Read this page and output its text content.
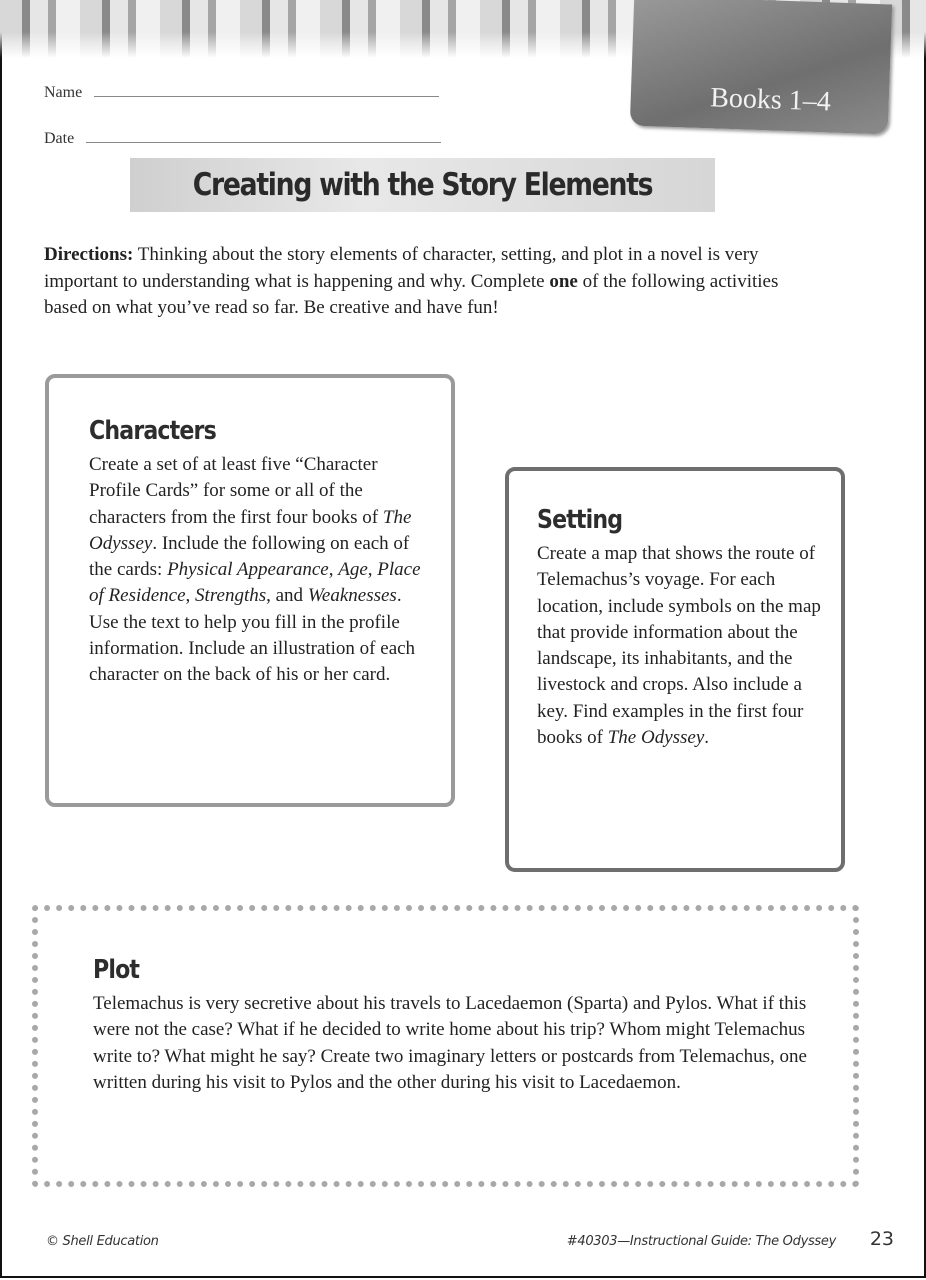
Books 1–4
Name
Date
Creating with the Story Elements
Directions: Thinking about the story elements of character, setting, and plot in a novel is very important to understanding what is happening and why. Complete one of the following activities based on what you’ve read so far. Be creative and have fun!
Characters

Create a set of at least five “Character Profile Cards” for some or all of the characters from the first four books of The Odyssey. Include the following on each of the cards: Physical Appearance, Age, Place of Residence, Strengths, and Weaknesses. Use the text to help you fill in the profile information. Include an illustration of each character on the back of his or her card.

Setting

Create a map that shows the route of Telemachus’s voyage. For each location, include symbols on the map that provide information about the landscape, its inhabitants, and the livestock and crops. Also include a key. Find examples in the first four books of The Odyssey.

Plot

Telemachus is very secretive about his travels to Lacedaemon (Sparta) and Pylos. What if this were not the case? What if he decided to write home about his trip? Whom might Telemachus write to? What might he say? Create two imaginary letters or postcards from Telemachus, one written during his visit to Pylos and the other during his visit to Lacedaemon.

© Shell Education	#40303—Instructional Guide: The Odyssey 23
